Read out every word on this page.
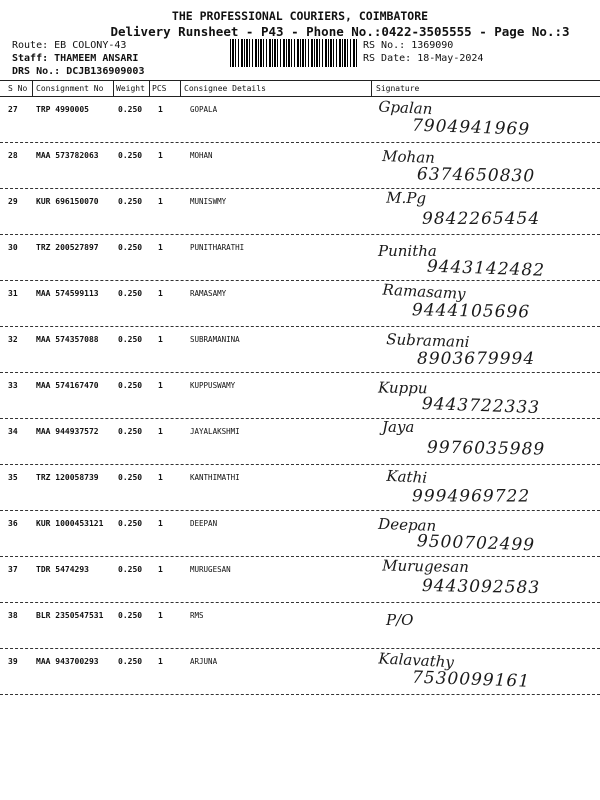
THE PROFESSIONAL COURIERS, COIMBATORE
Delivery Runsheet - P43 - Phone No.:0422-3505555 - Page No.:3
Route: EB COLONY-43
Staff: THAMEEM ANSARI
DRS No.: DCJB136909003
RS No.: 1369090
RS Date: 18-May-2024
S No Consignment No Weight PCS Consignee Details	Signature
27 TRP 4990005	0.250 1	GOPALA	Gpalan
7904941969
28 MAA 573782063 0.250 1	MOHAN	Mohan
6374650830
29 KUR 696150070 0.250 1	MUNISWMY	M.Pg
9842265454
30 TRZ 200527897 0.250 1	PUNITHARATHI	Punitha
9443142482
31 MAA 574599113 0.250 1	RAMASAMY	Ramasamy
9444105696
32 MAA 574357088 0.250 1	SUBRAMANINA	Subramani
8903679994
33 MAA 574167470 0.250 1	KUPPUSWAMY	Kuppu
9443722333
34 MAA 944937572 0.250 1	JAYALAKSHMI	Jaya
9976035989
35 TRZ 120058739 0.250 1	KANTHIMATHI	Kathi
9994969722
36 KUR 1000453121 0.250 1	DEEPAN	Deepan
9500702499
37 TDR 5474293	0.250 1	MURUGESAN	Murugesan
9443092583
38 BLR 2350547531 0.250 1	RMS	P/O
39 MAA 943700293 0.250 1	ARJUNA	Kalavathy
7530099161
